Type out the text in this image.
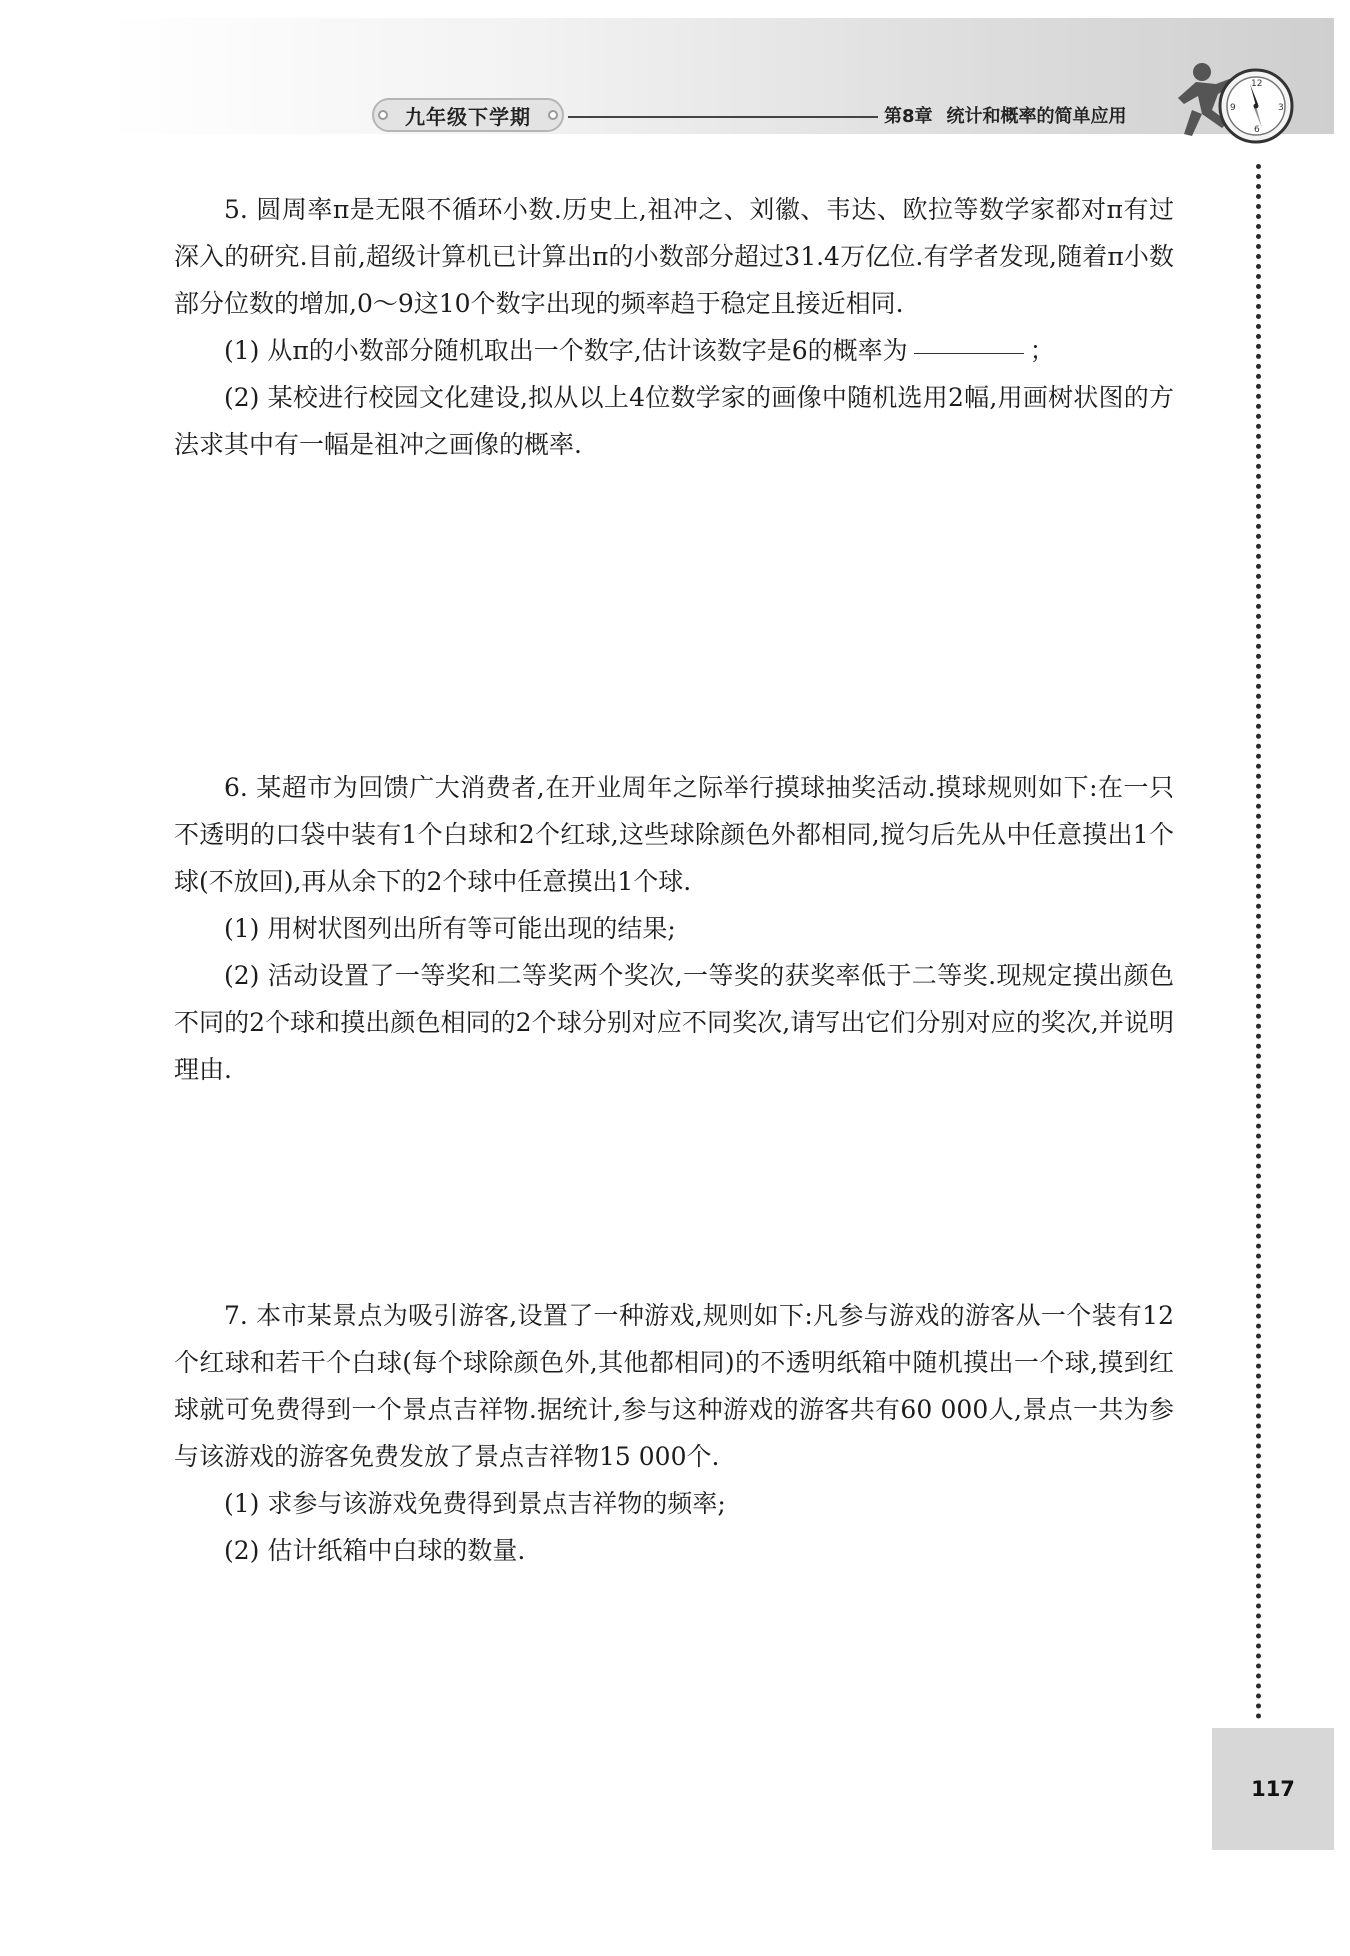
九年级下学期	第8章 统计和概率的简单应用
12
3
6
9

5. 圆周率π是无限不循环小数.历史上,祖冲之、刘徽、韦达、欧拉等数学家都对π有过深入的研究.目前,超级计算机已计算出π的小数部分超过31.4万亿位.有学者发现,随着π小数部分位数的增加,0～9这10个数字出现的频率趋于稳定且接近相同.

(1) 从π的小数部分随机取出一个数字,估计该数字是6的概率为	；

(2) 某校进行校园文化建设,拟从以上4位数学家的画像中随机选用2幅,用画树状图的方法求其中有一幅是祖冲之画像的概率.

6. 某超市为回馈广大消费者,在开业周年之际举行摸球抽奖活动.摸球规则如下:在一只不透明的口袋中装有1个白球和2个红球,这些球除颜色外都相同,搅匀后先从中任意摸出1个球(不放回),再从余下的2个球中任意摸出1个球.

(1) 用树状图列出所有等可能出现的结果;

(2) 活动设置了一等奖和二等奖两个奖次,一等奖的获奖率低于二等奖.现规定摸出颜色不同的2个球和摸出颜色相同的2个球分别对应不同奖次,请写出它们分别对应的奖次,并说明理由.

7. 本市某景点为吸引游客,设置了一种游戏,规则如下:凡参与游戏的游客从一个装有12个红球和若干个白球(每个球除颜色外,其他都相同)的不透明纸箱中随机摸出一个球,摸到红球就可免费得到一个景点吉祥物.据统计,参与这种游戏的游客共有60 000人,景点一共为参与该游戏的游客免费发放了景点吉祥物15 000个.

(1) 求参与该游戏免费得到景点吉祥物的频率;

(2) 估计纸箱中白球的数量.

117
